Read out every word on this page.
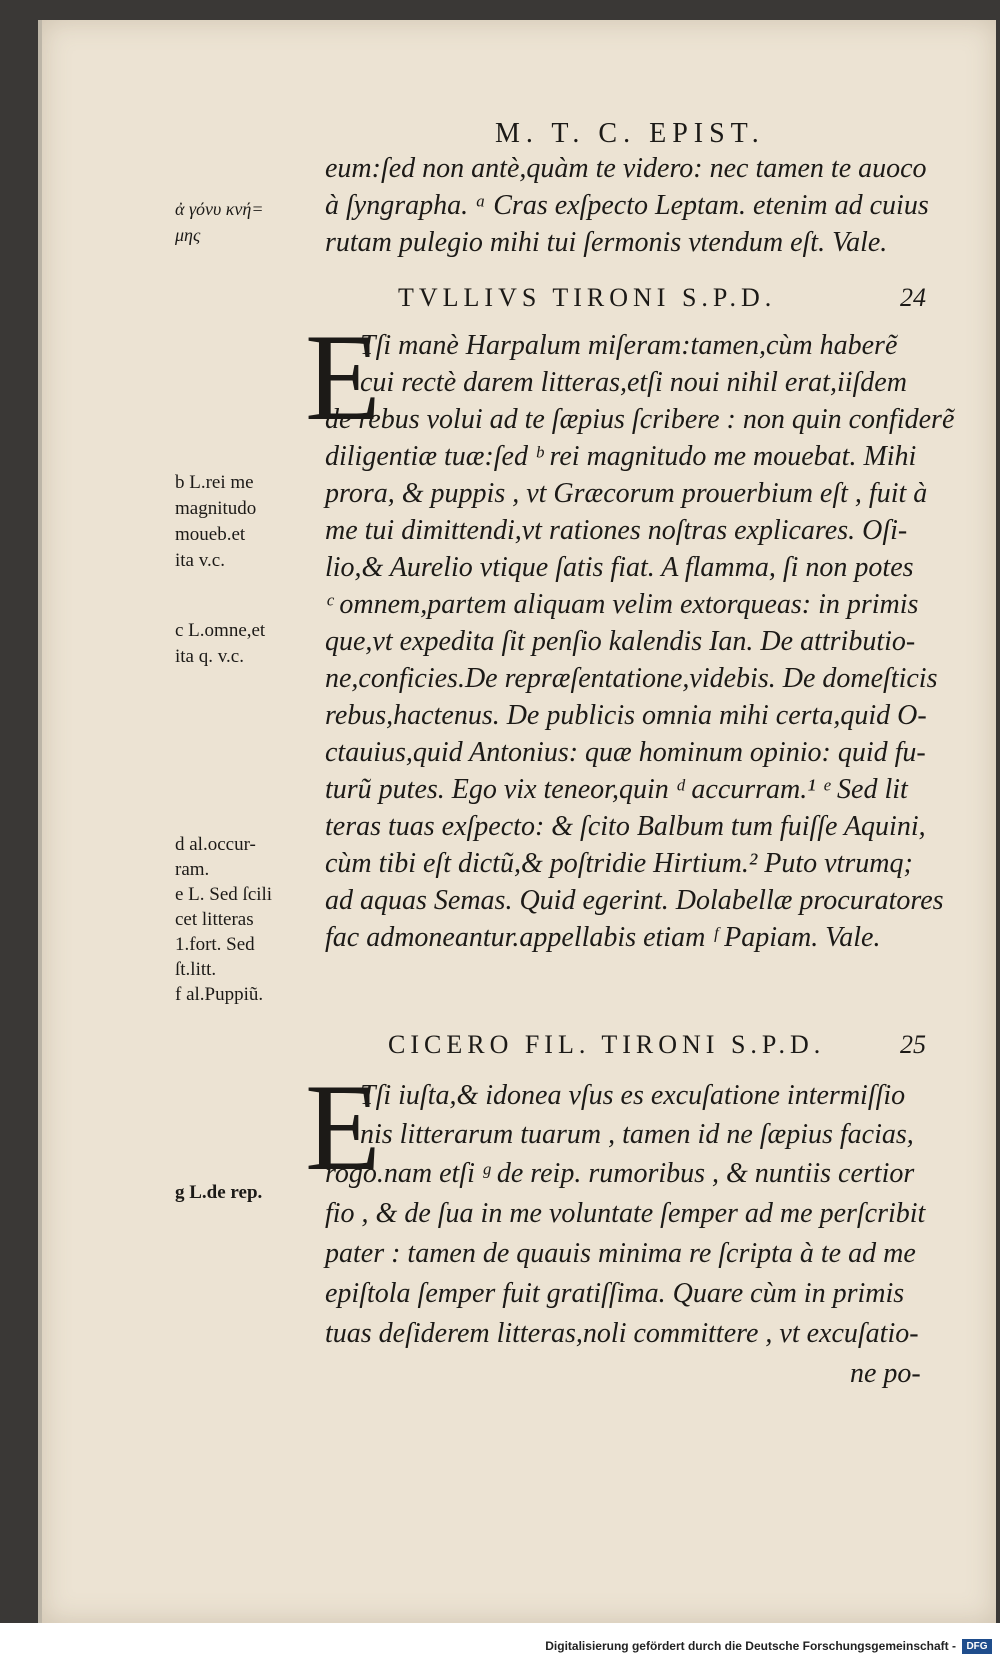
M. T. C. EPIST.
eum:ſed non antè,quàm te videro: nec tamen te auoco
à ſyngrapha. ᵃ Cras exſpecto Leptam. etenim ad cuius
rutam pulegio mihi tui ſermonis vtendum eſt. Vale.
ἀ γόνυ κνή=
μης
TVLLIVS TIRONI S.P.D.	24
E
Tſi manè Harpalum miſeram:tamen,cùm haberẽ
cui rectè darem litteras,etſi noui nihil erat,iiſdem
de rebus volui ad te ſæpius ſcribere : non quin confiderẽ
diligentiæ tuæ:ſed ᵇ rei magnitudo me mouebat. Mihi
prora, & puppis , vt Græcorum prouerbium eſt , fuit à
me tui dimittendi,vt rationes noſtras explicares. Oſi-
lio,& Aurelio vtique ſatis fiat. A flamma, ſi non potes
ᶜ omnem,partem aliquam velim extorqueas: in primis
que,vt expedita ſit penſio kalendis Ian. De attributio-
ne,conficies.De repræſentatione,videbis. De domeſticis
rebus,hactenus. De publicis omnia mihi certa,quid O-
ctauius,quid Antonius: quæ hominum opinio: quid fu-
turũ putes. Ego vix teneor,quin ᵈ accurram.¹ ᵉ Sed lit
teras tuas exſpecto: & ſcito Balbum tum fuiſſe Aquini,
cùm tibi eſt dictũ,& poſtridie Hirtium.² Puto vtrumq;
ad aquas Semas. Quid egerint. Dolabellæ procuratores
fac admoneantur.appellabis etiam ᶠ Papiam. Vale.
b L.rei me
magnitudo
moueb.et
ita v.c.
c L.omne,et
ita q. v.c.
d al.occur-
ram.
e L. Sed ſcili
cet litteras
1.fort. Sed
ſt.litt.
f al.Puppiũ.
CICERO FIL. TIRONI S.P.D.	25
E
Tſi iuſta,& idonea vſus es excuſatione intermiſſio
nis litterarum tuarum , tamen id ne ſæpius facias,
rogo.nam etſi ᵍ de reip. rumoribus , & nuntiis certior
fio , & de ſua in me voluntate ſemper ad me perſcribit
pater : tamen de quauis minima re ſcripta à te ad me
epiſtola ſemper fuit gratiſſima. Quare cùm in primis
tuas deſiderem litteras,noli committere , vt excuſatio-
ne po-
g L.de rep.
Digitalisierung gefördert durch die Deutsche Forschungsgemeinschaft -	DFG
